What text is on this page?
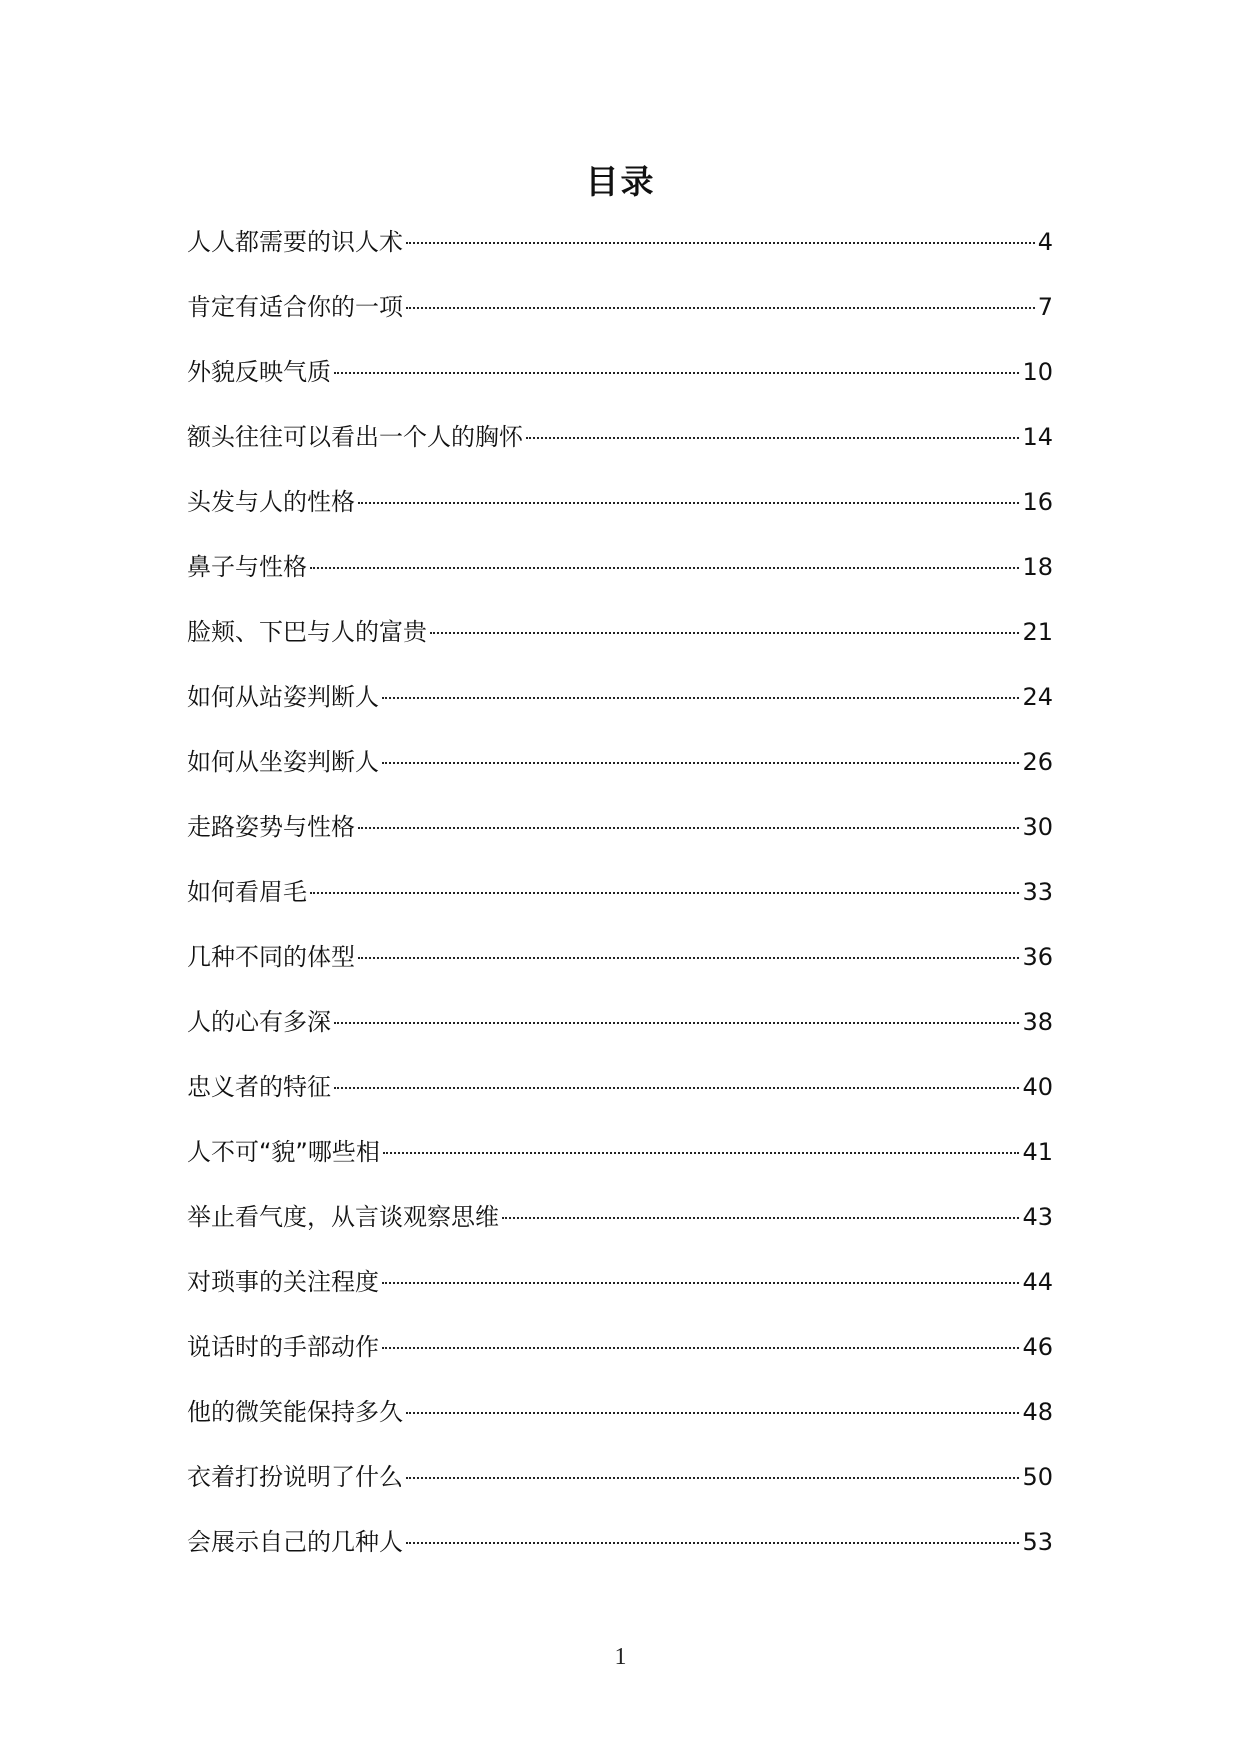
目录
人人都需要的识人术	4
肯定有适合你的一项	7
外貌反映气质	10
额头往往可以看出一个人的胸怀	14
头发与人的性格	16
鼻子与性格	18
脸颊、下巴与人的富贵	21
如何从站姿判断人	24
如何从坐姿判断人	26
走路姿势与性格	30
如何看眉毛	33
几种不同的体型	36
人的心有多深	38
忠义者的特征	40
人不可“貌”哪些相	41
举止看气度，从言谈观察思维	43
对琐事的关注程度	44
说话时的手部动作	46
他的微笑能保持多久	48
衣着打扮说明了什么	50
会展示自己的几种人	53
1
